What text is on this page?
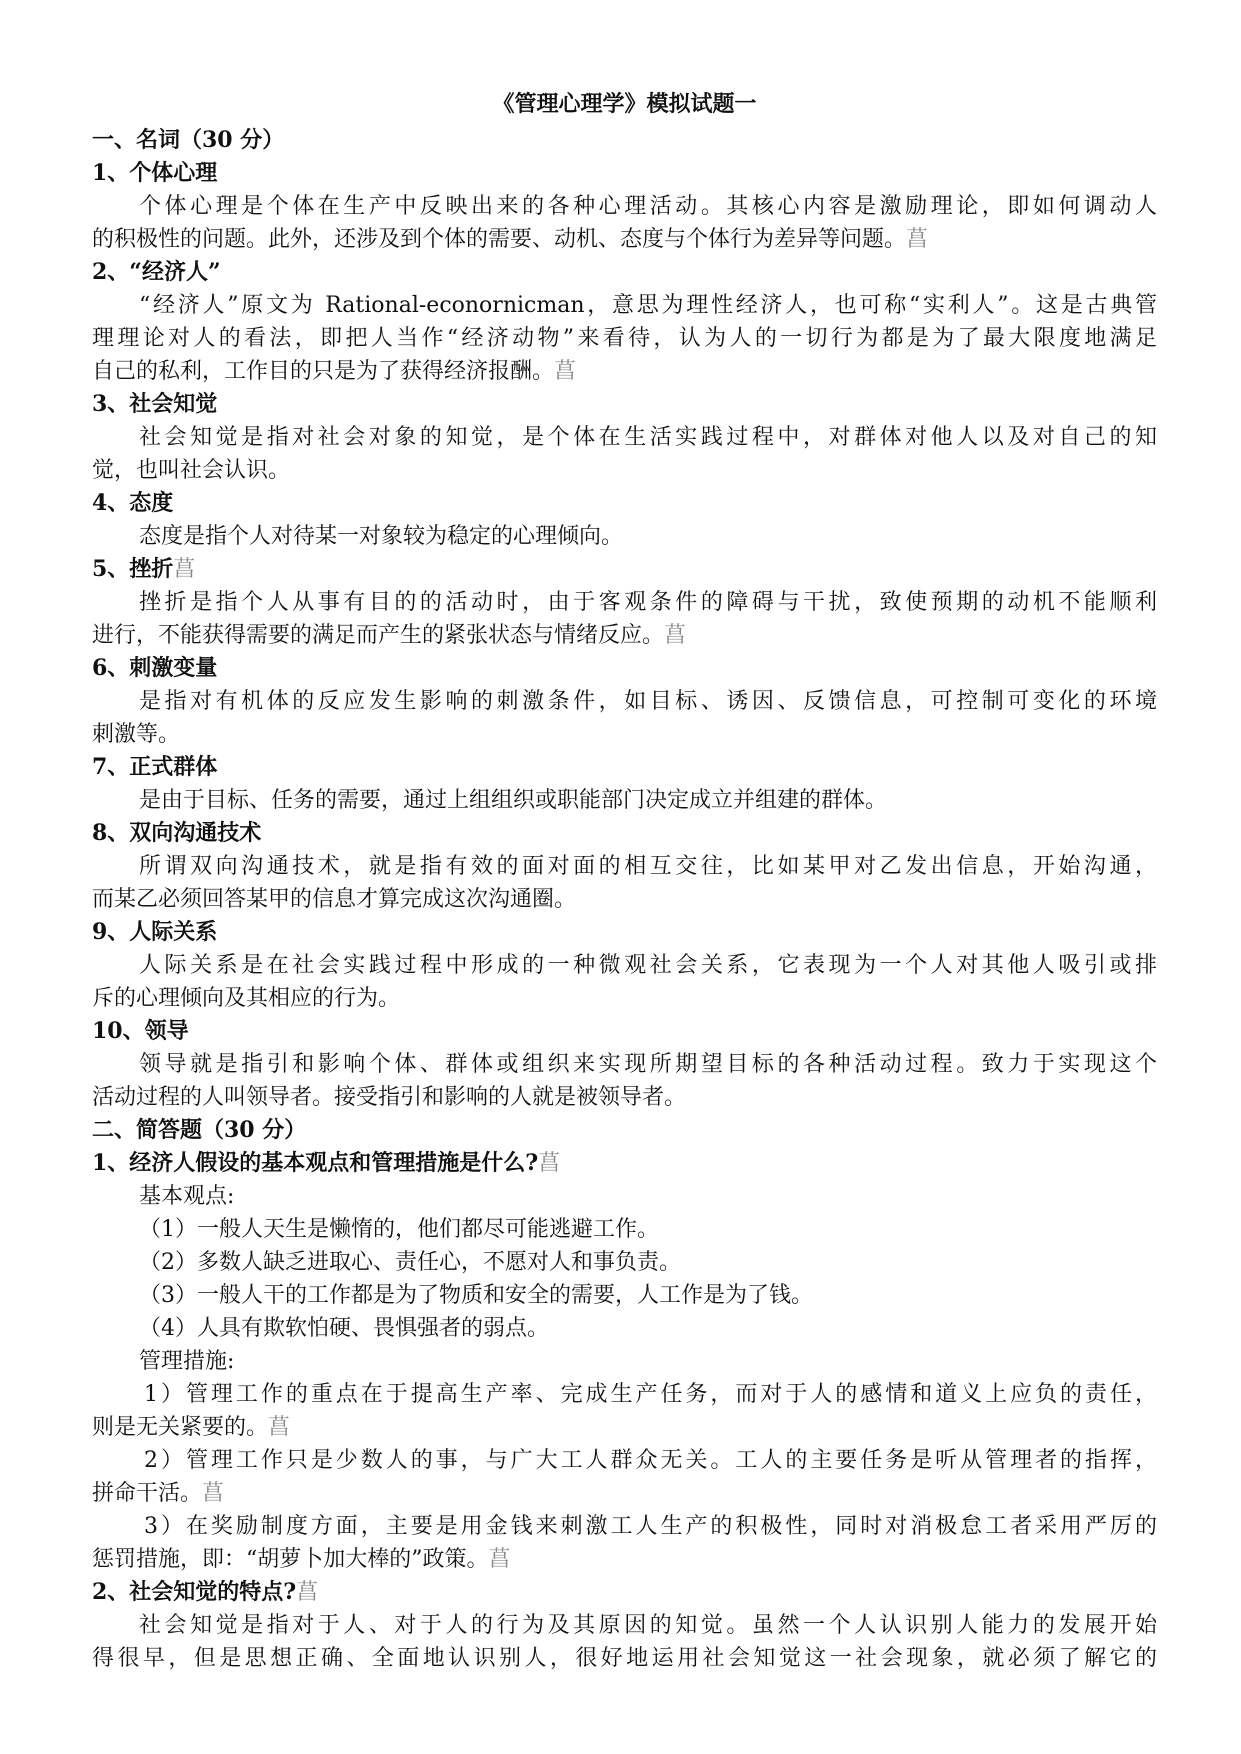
《管理心理学》模拟试题一
一、名词（30 分）
1、个体心理
个体心理是个体在生产中反映出来的各种心理活动。其核心内容是激励理论，即如何调动人
的积极性的问题。此外，还涉及到个体的需要、动机、态度与个体行为差异等问题。菖
2、“经济人”
“经济人”原文为 Rational-econornicman，意思为理性经济人，也可称“实利人”。这是古典管
理理论对人的看法，即把人当作“经济动物”来看待，认为人的一切行为都是为了最大限度地满足
自己的私利，工作目的只是为了获得经济报酬。菖
3、社会知觉
社会知觉是指对社会对象的知觉，是个体在生活实践过程中，对群体对他人以及对自己的知
觉，也叫社会认识。
4、态度
态度是指个人对待某一对象较为稳定的心理倾向。
5、挫折菖
挫折是指个人从事有目的的活动时，由于客观条件的障碍与干扰，致使预期的动机不能顺利
进行，不能获得需要的满足而产生的紧张状态与情绪反应。菖
6、刺激变量
是指对有机体的反应发生影响的刺激条件，如目标、诱因、反馈信息，可控制可变化的环境
刺激等。
7、正式群体
是由于目标、任务的需要，通过上组组织或职能部门决定成立并组建的群体。
8、双向沟通技术
所谓双向沟通技术，就是指有效的面对面的相互交往，比如某甲对乙发出信息，开始沟通，
而某乙必须回答某甲的信息才算完成这次沟通圈。
9、人际关系
人际关系是在社会实践过程中形成的一种微观社会关系，它表现为一个人对其他人吸引或排
斥的心理倾向及其相应的行为。
10、领导
领导就是指引和影响个体、群体或组织来实现所期望目标的各种活动过程。致力于实现这个
活动过程的人叫领导者。接受指引和影响的人就是被领导者。
二、简答题（30 分）
1、经济人假设的基本观点和管理措施是什么?菖
基本观点:
（1）一般人天生是懒惰的，他们都尽可能逃避工作。
（2）多数人缺乏进取心、责任心，不愿对人和事负责。
（3）一般人干的工作都是为了物质和安全的需要，人工作是为了钱。
（4）人具有欺软怕硬、畏惧强者的弱点。
管理措施:
1）管理工作的重点在于提高生产率、完成生产任务，而对于人的感情和道义上应负的责任，
则是无关紧要的。菖
2）管理工作只是少数人的事，与广大工人群众无关。工人的主要任务是听从管理者的指挥，
拼命干活。菖
3）在奖励制度方面，主要是用金钱来刺激工人生产的积极性，同时对消极怠工者采用严厉的
惩罚措施，即：“胡萝卜加大棒的”政策。菖
2、社会知觉的特点?菖
社会知觉是指对于人、对于人的行为及其原因的知觉。虽然一个人认识别人能力的发展开始
得很早，但是思想正确、全面地认识别人，很好地运用社会知觉这一社会现象，就必须了解它的
